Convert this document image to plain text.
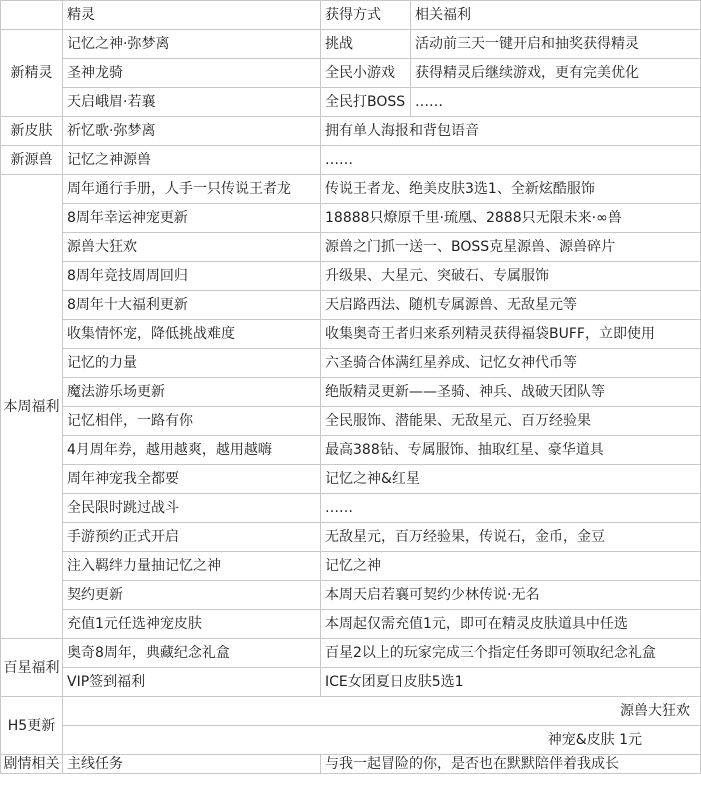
	精灵	获得方式	相关福利
新精灵	记忆之神·弥梦离	挑战	活动前三天一键开启和抽奖获得精灵
	圣神龙骑	全民小游戏	获得精灵后继续游戏，更有完美优化
	天启峨眉·若襄	全民打BOSS	……
新皮肤	祈忆歌·弥梦离	拥有单人海报和背包语音	
新源兽	记忆之神源兽	……	
本周福利	周年通行手册，人手一只传说王者龙	传说王者龙、绝美皮肤3选1、全新炫酷服饰	
	8周年幸运神宠更新	18888只燎原千里·琉凰、2888只无限未来·∞兽	
	源兽大狂欢	源兽之门抓一送一、BOSS克星源兽、源兽碎片	
	8周年竞技周周回归	升级果、大星元、突破石、专属服饰	
	8周年十大福利更新	天启路西法、随机专属源兽、无敌星元等	
	收集情怀宠，降低挑战难度	收集奥奇王者归来系列精灵获得福袋BUFF，立即使用	
	记忆的力量	六圣骑合体满红星养成、记忆女神代币等	
	魔法游乐场更新	绝版精灵更新——圣骑、神兵、战破天团队等	
	记忆相伴，一路有你	全民服饰、潜能果、无敌星元、百万经验果	
	4月周年券，越用越爽，越用越嗨	最高388钻、专属服饰、抽取红星、豪华道具	
	周年神宠我全都要	记忆之神&红星	
	全民限时跳过战斗	……	
	手游预约正式开启	无敌星元，百万经验果，传说石，金币，金豆	
	注入羁绊力量抽记忆之神	记忆之神	
	契约更新	本周天启若襄可契约少林传说·无名	
	充值1元任选神宠皮肤	本周起仅需充值1元，即可在精灵皮肤道具中任选	
百星福利	奥奇8周年，典藏纪念礼盒	百星2以上的玩家完成三个指定任务即可领取纪念礼盒	
	VIP签到福利	ICE女团夏日皮肤5选1	
H5更新	源兽大狂欢		
	神宠&皮肤 1元		
剧情相关	主线任务	与我一起冒险的你，是否也在默默陪伴着我成长	
